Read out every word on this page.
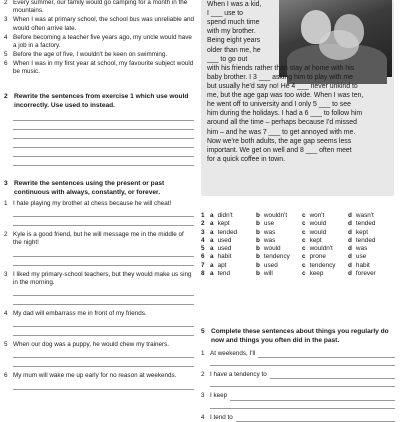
2 Every summer, our family would go camping for a month in the mountains.
3 When I was at primary school, the school bus was unreliable and would often arrive late.
4 Before becoming a teacher five years ago, my uncle would have a job in a factory.
5 Before the age of five, I wouldn't be keen on swimming.
6 When I was in my first year at school, my favourite subject would be music.
2 Rewrite the sentences from exercise 1 which use would incorrectly. Use used to instead.
3 Rewrite the sentences using the present or past continuous with always, constantly, or forever.
1 I hate playing my brother at chess because he will cheat!
2 Kyle is a good friend, but he will message me in the middle of the night!
3 I liked my primary-school teachers, but they would make us sing in the morning.
4 My dad will embarrass me in front of my friends.
5 When our dog was a puppy, he would chew my trainers.
6 My mum will wake me up early for no reason at weekends.
When I was a kid,
I ___ use to
spend much time
with my brother.
Being eight years
older than me, he
___ to go out
with his friends rather than stay at home with his
baby brother. I 3 ___ asking him to play with me
but usually he'd say no! He 4 ___ never unkind to
me, but the age gap was too wide. When I was ten,
he went off to university and I only 5 ___ to see
him during the holidays. I had a 6 ___ to follow him
around all the time – perhaps because I'd missed
him – and he was 7 ___ to get annoyed with me.
Now we're both adults, the age gap seems less
important. We get on well and 8 ___ often meet
for a quick coffee in town.
1 a didn't	b wouldn't c won't	d wasn't
2 a kept	b use	c would	d tended
3 a tended	b was	c would	d kept
4 a used	b was	c kept	d tended
5 a used	b would	c wouldn't d was
6 a habit	b tendency c prone	d use
7 a apt	b used	c tendency d habit
8 a tend	b will	c keep	d forever
5 Complete these sentences about things you regularly do now and things you often did in the past.
1 At weekends, I'll
2 I have a tendency to
3 I keep
4 I tend to
